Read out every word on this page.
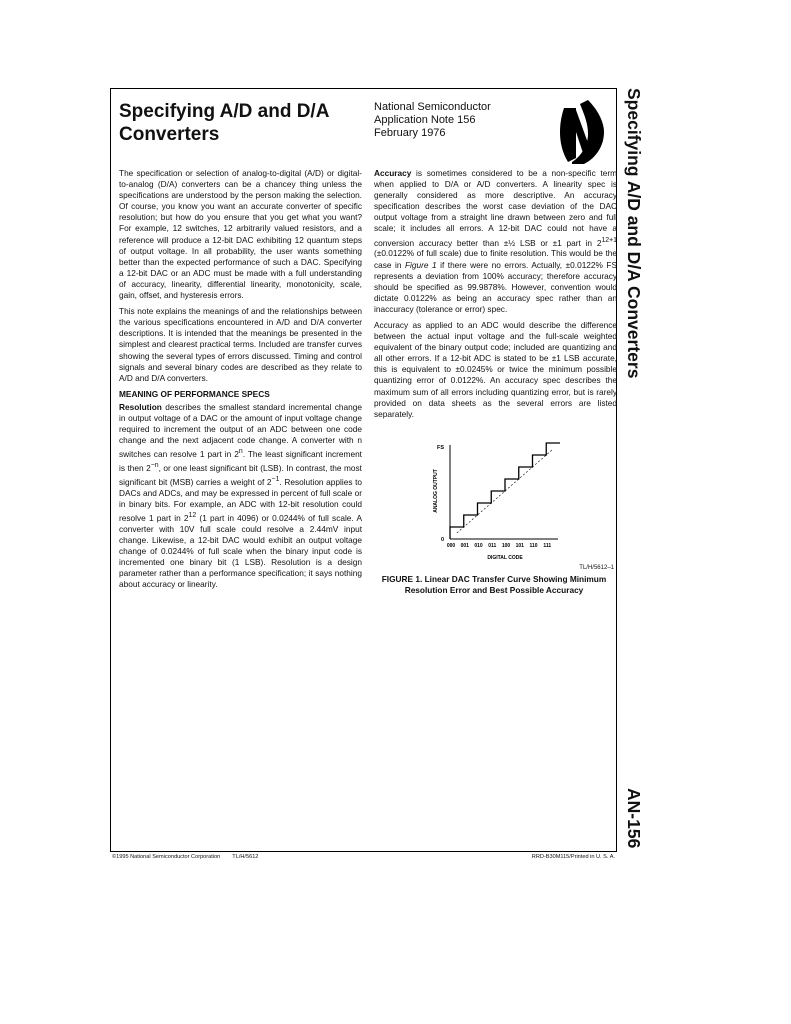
Specifying A/D and D/A Converters
National Semiconductor
Application Note 156
February 1976

The specification or selection of analog-to-digital (A/D) or digital-to-analog (D/A) converters can be a chancey thing unless the specifications are understood by the person making the selection. Of course, you know you want an accurate converter of specific resolution; but how do you ensure that you get what you want? For example, 12 switches, 12 arbitrarily valued resistors, and a reference will produce a 12-bit DAC exhibiting 12 quantum steps of output voltage. In all probability, the user wants something better than the expected performance of such a DAC. Specifying a 12-bit DAC or an ADC must be made with a full understanding of accuracy, linearity, differential linearity, monotonicity, scale, gain, offset, and hysteresis errors.

This note explains the meanings of and the relationships between the various specifications encountered in A/D and D/A converter descriptions. It is intended that the meanings be presented in the simplest and clearest practical terms. Included are transfer curves showing the several types of errors discussed. Timing and control signals and several binary codes are described as they relate to A/D and D/A converters.

MEANING OF PERFORMANCE SPECS

Resolution describes the smallest standard incremental change in output voltage of a DAC or the amount of input voltage change required to increment the output of an ADC between one code change and the next adjacent code change. A converter with n switches can resolve 1 part in 2$^n$. The least significant increment is then $2^{-n}$, or one least significant bit (LSB). In contrast, the most significant bit (MSB) carries a weight of $2^{-1}$. Resolution applies to DACs and ADCs, and may be expressed in percent of full scale or in binary bits. For example, an ADC with 12-bit resolution could resolve 1 part in $2^{12}$ (1 part in 4096) or 0.0244% of full scale. A converter with 10V full scale could resolve a 2.44mV input change. Likewise, a 12-bit DAC would exhibit an output voltage change of 0.0244% of full scale when the binary input code is incremented one binary bit (1 LSB). Resolution is a design parameter rather than a performance specification; it says nothing about accuracy or linearity.

Accuracy is sometimes considered to be a non-specific term when applied to D/A or A/D converters. A linearity spec is generally considered as more descriptive. An accuracy specification describes the worst case deviation of the DAC output voltage from a straight line drawn between zero and full scale; it includes all errors. A 12-bit DAC could not have a conversion accuracy better than ±½ LSB or ±1 part in $2^{12+1}$ (±0.0122% of full scale) due to finite resolution. This would be the case in Figure 1 if there were no errors. Actually, ±0.0122% FS represents a deviation from 100% accuracy; therefore accuracy should be specified as 99.9878%. However, convention would dictate 0.0122% as being an accuracy spec rather than an inaccuracy (tolerance or error) spec.

Accuracy as applied to an ADC would describe the difference between the actual input voltage and the full-scale weighted equivalent of the binary output code; included are quantizing and all other errors. If a 12-bit ADC is stated to be ±1 LSB accurate, this is equivalent to ±0.0245% or twice the minimum possible quantizing error of 0.0122%. An accuracy spec describes the maximum sum of all errors including quantizing error, but is rarely provided on data sheets as the several errors are listed separately.

000 001 010 011 100 101 110 111
0
FS
DIGITAL CODE
ANALOG OUTPUT
TL/H/5612–1
FIGURE 1. Linear DAC Transfer Curve Showing Minimum Resolution Error and Best Possible Accuracy
Specifying A/D and D/A Converters
AN-156
©1995 National Semiconductor Corporation TL/H/5612	RRD-B30M115/Printed in U. S. A.
